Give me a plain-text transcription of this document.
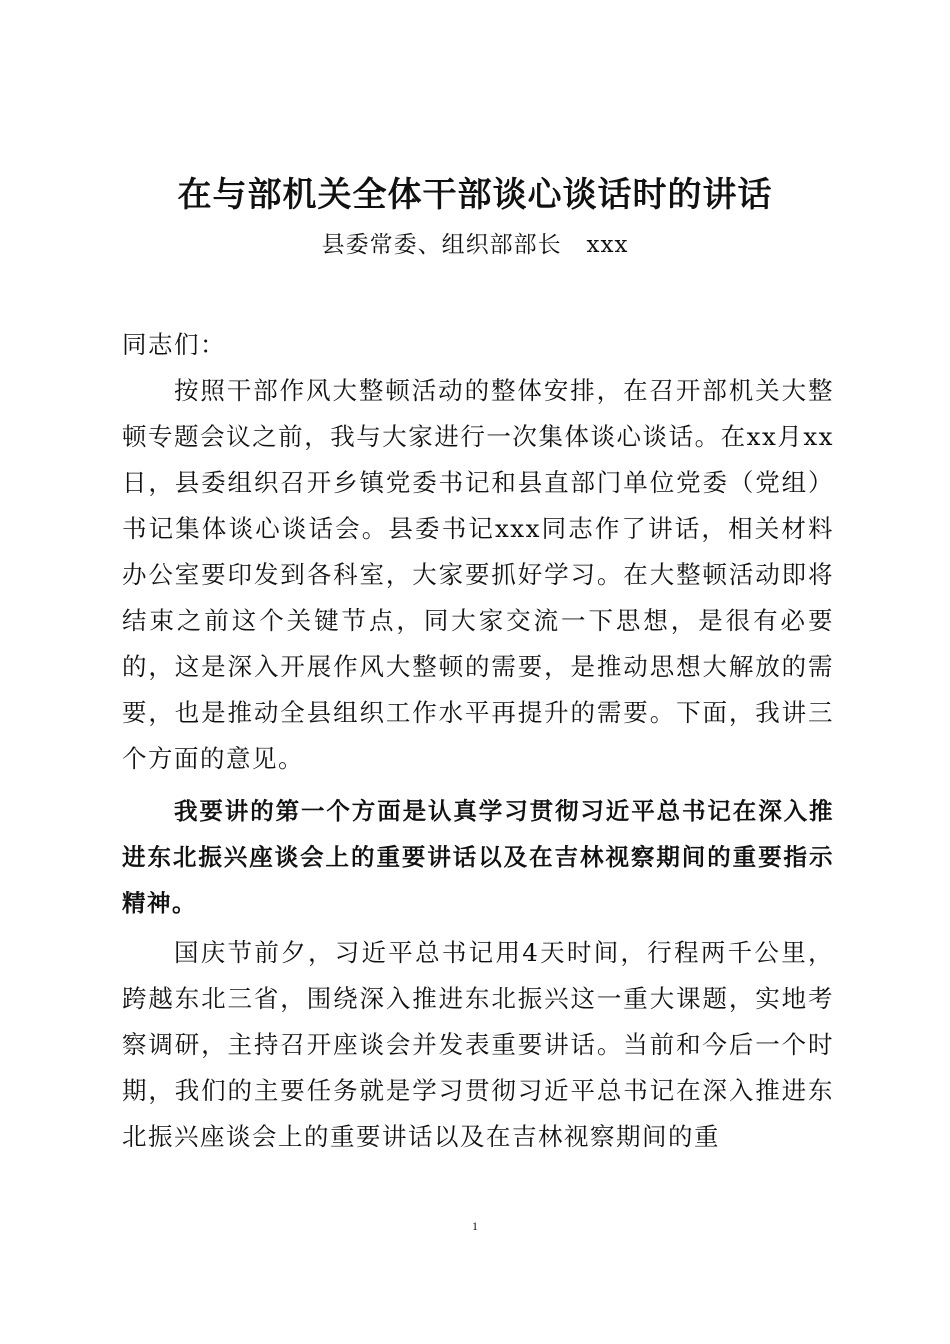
在与部机关全体干部谈心谈话时的讲话
县委常委、组织部部长   xxx

同志们：

按照干部作风大整顿活动的整体安排，在召开部机关大整顿专题会议之前，我与大家进行一次集体谈心谈话。在xx月xx日，县委组织召开乡镇党委书记和县直部门单位党委（党组）书记集体谈心谈话会。县委书记xxx同志作了讲话，相关材料办公室要印发到各科室，大家要抓好学习。在大整顿活动即将结束之前这个关键节点，同大家交流一下思想，是很有必要的，这是深入开展作风大整顿的需要，是推动思想大解放的需要，也是推动全县组织工作水平再提升的需要。下面，我讲三个方面的意见。

我要讲的第一个方面是认真学习贯彻习近平总书记在深入推进东北振兴座谈会上的重要讲话以及在吉林视察期间的重要指示精神。

国庆节前夕，习近平总书记用4天时间，行程两千公里，跨越东北三省，围绕深入推进东北振兴这一重大课题，实地考察调研，主持召开座谈会并发表重要讲话。当前和今后一个时期，我们的主要任务就是学习贯彻习近平总书记在深入推进东北振兴座谈会上的重要讲话以及在吉林视察期间的重

1
